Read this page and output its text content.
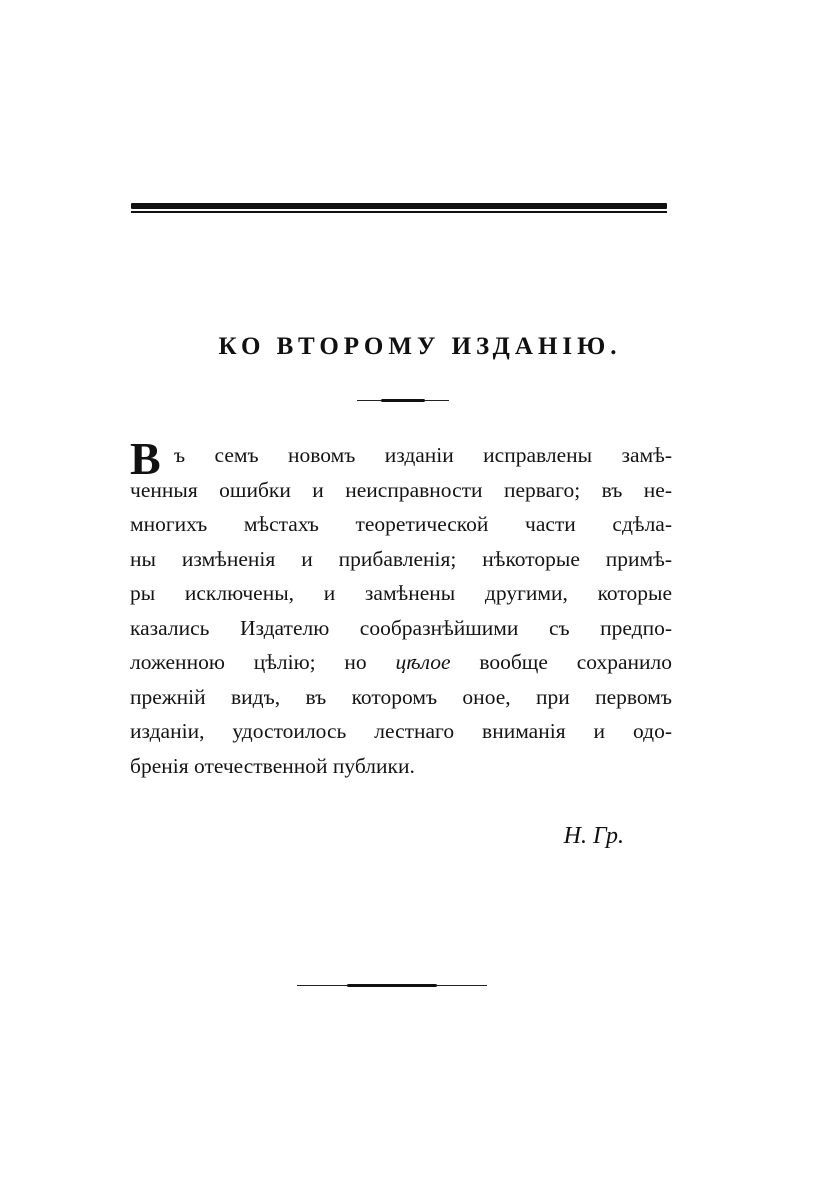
КО ВТОРОМУ ИЗДАНIЮ.
В ъ семъ новомъ изданiи исправлены замѣ-
ченныя ошибки и неисправности перваго; въ не-
многихъ мѣстахъ теоретической части сдѣла-
ны измѣненiя и прибавленiя; нѣкоторые примѣ-
ры исключены, и замѣнены другими, которые
казались Издателю сообразнѣйшими съ предпо-
ложенною цѣлiю; но цѣлое вообще сохранило
прежнiй видъ, въ которомъ оное, при первомъ
изданiи, удостоилось лестнаго вниманiя и одо-
бренiя отечественной публики.
Н. Гр.
